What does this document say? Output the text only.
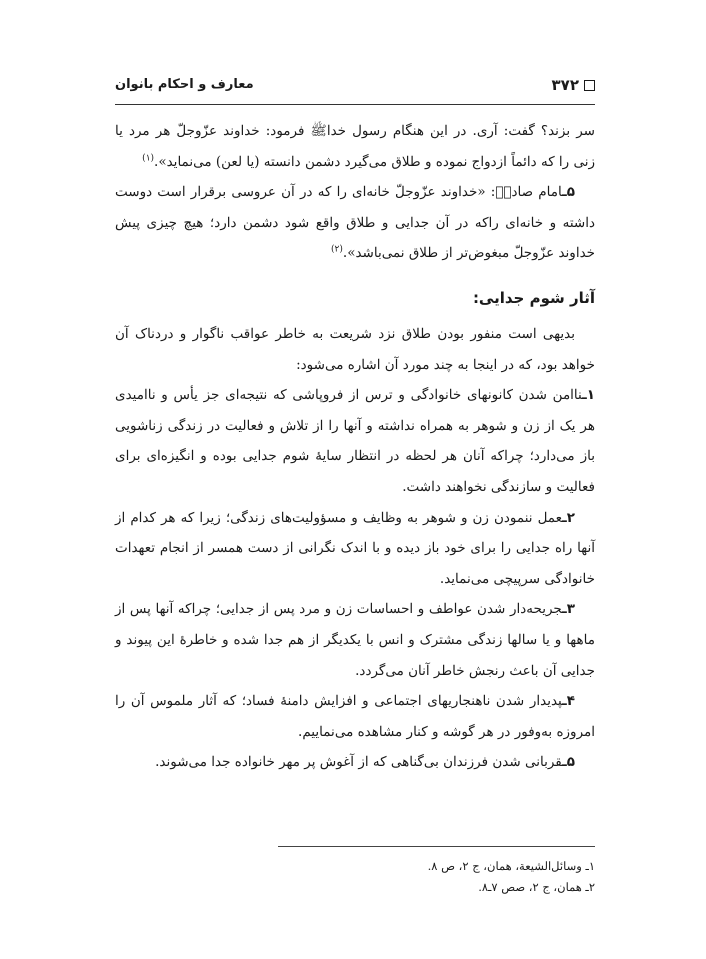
۳۷۲
معارف و احکام بانوان

سر بزند؟ گفت: آری. در این هنگام رسول خداﷺ فرمود: خداوند عزّوجلّ هر مرد یا زنی را که دائماً ازدواج نموده و طلاق می‌گیرد دشمن دانسته (یا لعن) می‌نماید».$^{(۱)}$

۵ـامام صادقؑ: «خداوند عزّوجلّ خانه‌ای را که در آن عروسی برقرار است دوست داشته و خانه‌ای راکه در آن جدایی و طلاق واقع شود دشمن دارد؛ هیچ چیزی پیش خداوند عزّوجلّ مبغوض‌تر از طلاق نمی‌باشد».$^{(۲)}$

آثار شوم جدایی:

بدیهی است منفور بودن طلاق نزد شریعت به خاطر عواقب ناگوار و دردناک آن خواهد بود، که در اینجا به چند مورد آن اشاره می‌شود:

۱ـناامن شدن کانونهای خانوادگی و ترس از فروپاشی که نتیجه‌ای جز یأس و ناامیدی هر یک از زن و شوهر به همراه نداشته و آنها را از تلاش و فعالیت در زندگی زناشویی باز می‌دارد؛ چراکه آنان هر لحظه در انتظار سایهٔ شوم جدایی بوده و انگیزه‌ای برای فعالیت و سازندگی نخواهند داشت.

۲ـعمل ننمودن زن و شوهر به وظایف و مسؤولیت‌های زندگی؛ زیرا که هر کدام از آنها راه جدایی را برای خود باز دیده و با اندک نگرانی از دست همسر از انجام تعهدات خانوادگی سرپیچی می‌نماید.

۳ـجریحه‌دار شدن عواطف و احساسات زن و مرد پس از جدایی؛ چراکه آنها پس از ماهها و یا سالها زندگی مشترک و انس با یکدیگر از هم جدا شده و خاطرهٔ این پیوند و جدایی آن باعث رنجش خاطر آنان می‌گردد.

۴ـپدیدار شدن ناهنجاریهای اجتماعی و افزایش دامنهٔ فساد؛ که آثار ملموس آن را امروزه به‌وفور در هر گوشه و کنار مشاهده می‌نماییم.

۵ـقربانی شدن فرزندان بی‌گناهی که از آغوش پر مهر خانواده جدا می‌شوند.

۱ـ وسائل‌الشیعة، همان، ج ۲، ص ۸.
۲ـ همان، ج ۲، صص ۷ـ۸.
